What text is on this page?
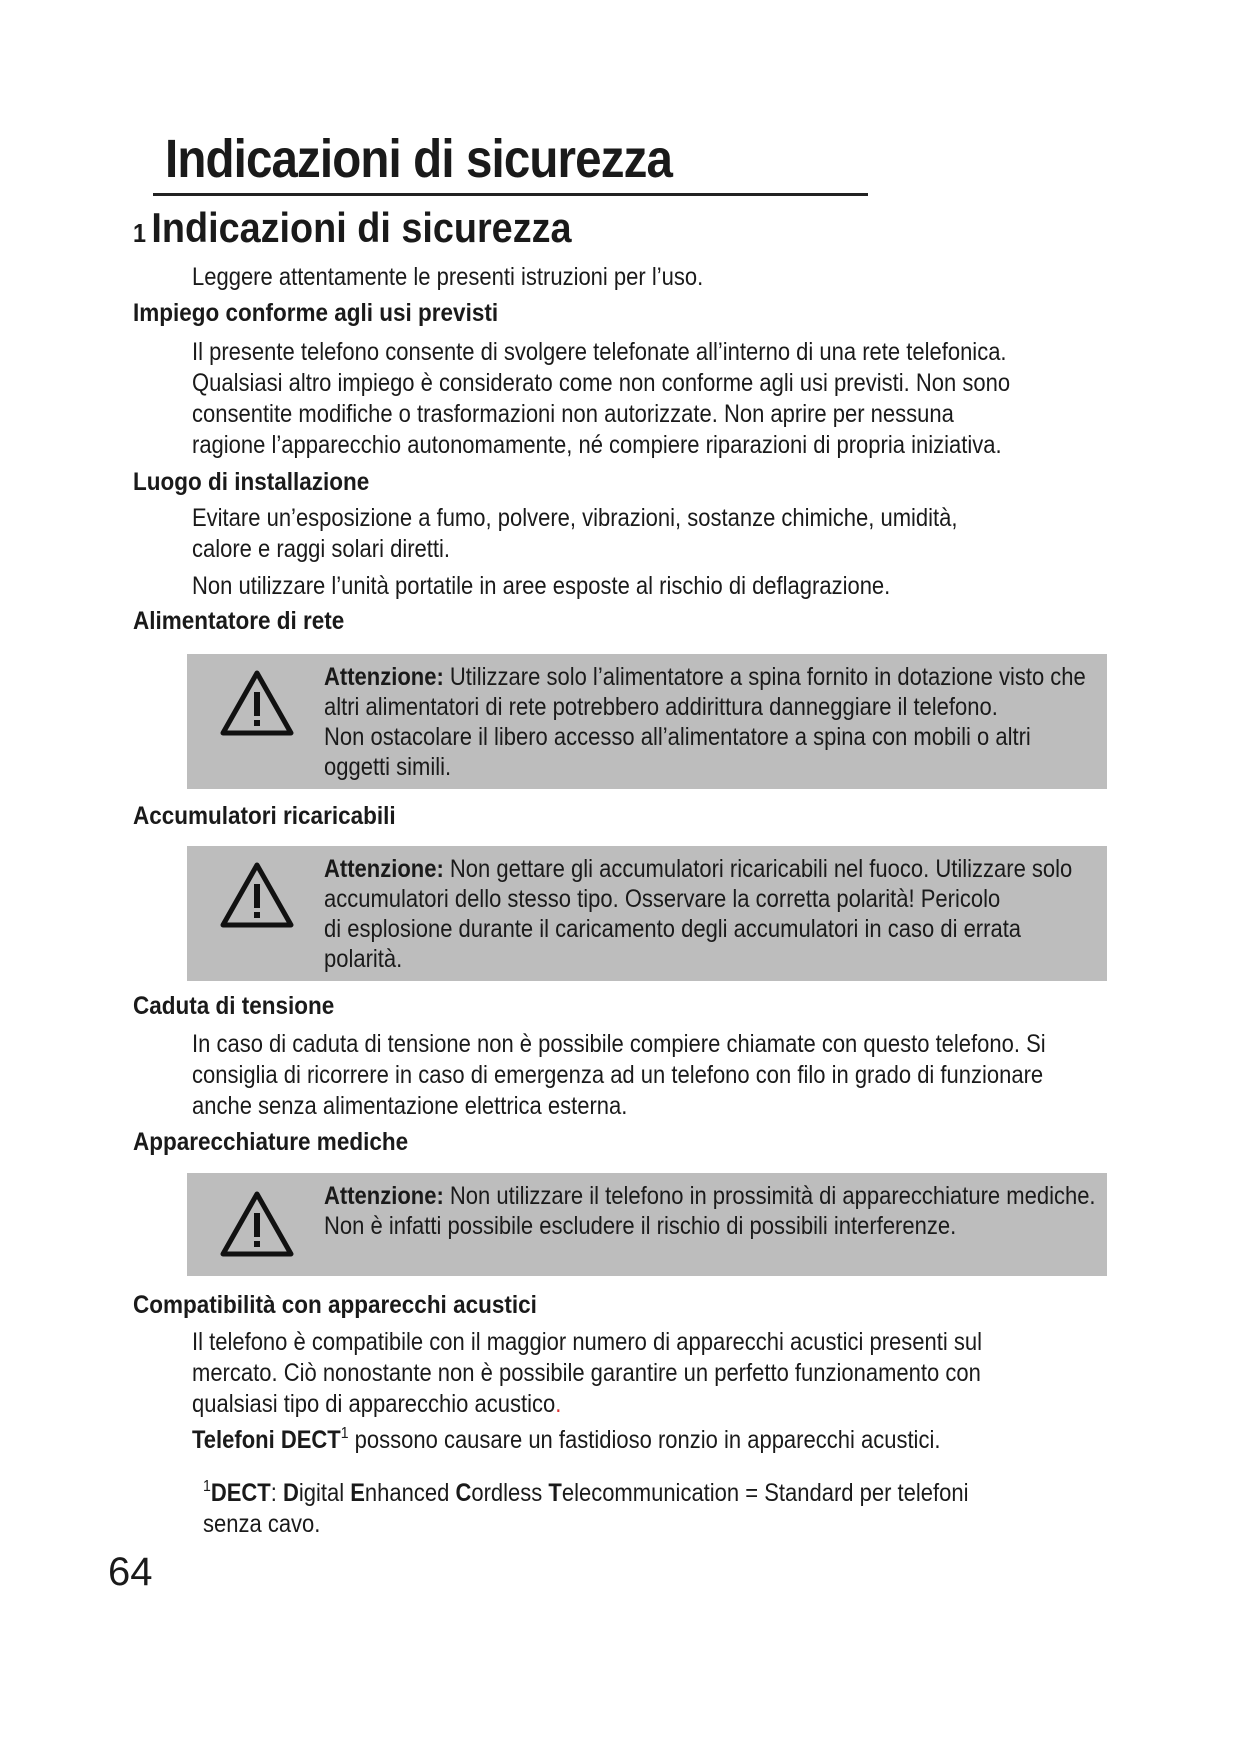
Indicazioni di sicurezza
1 Indicazioni di sicurezza
Leggere attentamente le presenti istruzioni per l’uso.
Impiego conforme agli usi previsti
Il presente telefono consente di svolgere telefonate all’interno di una rete telefonica. Qualsiasi altro impiego è considerato come non conforme agli usi previsti. Non sono consentite modifiche o trasformazioni non autorizzate. Non aprire per nessuna ragione l’apparecchio autonomamente, né compiere riparazioni di propria iniziativa.
Luogo di installazione
Evitare un’esposizione a fumo, polvere, vibrazioni, sostanze chimiche, umidità, calore e raggi solari diretti.
Non utilizzare l’unità portatile in aree esposte al rischio di deflagrazione.
Alimentatore di rete
Attenzione: Utilizzare solo l’alimentatore a spina fornito in dotazione visto che altri alimentatori di rete potrebbero addirittura danneggiare il telefono.
Non ostacolare il libero accesso all’alimentatore a spina con mobili o altri oggetti simili.
Accumulatori ricaricabili
Attenzione: Non gettare gli accumulatori ricaricabili nel fuoco. Utilizzare solo accumulatori dello stesso tipo. Osservare la corretta polarità! Pericolo
di esplosione durante il caricamento degli accumulatori in caso di errata polarità.
Caduta di tensione
In caso di caduta di tensione non è possibile compiere chiamate con questo telefono. Si consiglia di ricorrere in caso di emergenza ad un telefono con filo in grado di funzionare anche senza alimentazione elettrica esterna.
Apparecchiature mediche
Attenzione: Non utilizzare il telefono in prossimità di apparecchiature mediche. Non è infatti possibile escludere il rischio di possibili interferenze.
Compatibilità con apparecchi acustici
Il telefono è compatibile con il maggior numero di apparecchi acustici presenti sul mercato. Ciò nonostante non è possibile garantire un perfetto funzionamento con qualsiasi tipo di apparecchio acustico.
Telefoni DECT$^1$ possono causare un fastidioso ronzio in apparecchi acustici.
$^1$DECT: Digital Enhanced Cordless Telecommunication = Standard per telefoni senza cavo.
64
